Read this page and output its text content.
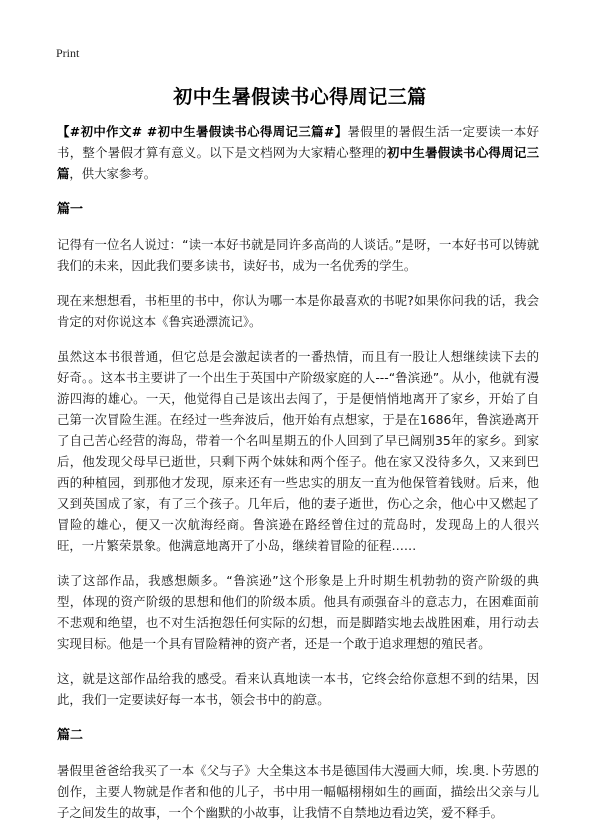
Print
初中生暑假读书心得周记三篇

【#初中作文# #初中生暑假读书心得周记三篇#】暑假里的暑假生活一定要读一本好书，整个暑假才算有意义。以下是文档网为大家精心整理的初中生暑假读书心得周记三篇，供大家参考。

篇一

记得有一位名人说过：“读一本好书就是同许多高尚的人谈话。”是呀，一本好书可以铸就我们的未来，因此我们要多读书，读好书，成为一名优秀的学生。

现在来想想看，书柜里的书中，你认为哪一本是你最喜欢的书呢?如果你问我的话，我会肯定的对你说这本《鲁宾逊漂流记》。

虽然这本书很普通，但它总是会激起读者的一番热情，而且有一股让人想继续读下去的好奇。。这本书主要讲了一个出生于英国中产阶级家庭的人---“鲁滨逊”。从小，他就有漫游四海的雄心。一天，他觉得自己是该出去闯了，于是便悄悄地离开了家乡，开始了自己第一次冒险生涯。在经过一些奔波后，他开始有点想家，于是在1686年，鲁滨逊离开了自己苦心经营的海岛，带着一个名叫星期五的仆人回到了早已阔别35年的家乡。到家后，他发现父母早已逝世，只剩下两个妹妹和两个侄子。他在家又没待多久，又来到巴西的种植园，到那他才发现，原来还有一些忠实的朋友一直为他保管着钱财。后来，他又到英国成了家，有了三个孩子。几年后，他的妻子逝世，伤心之余，他心中又燃起了冒险的雄心，便又一次航海经商。鲁滨逊在路经曾住过的荒岛时，发现岛上的人很兴旺，一片繁荣景象。他满意地离开了小岛，继续着冒险的征程……

读了这部作品，我感想颇多。“鲁滨逊”这个形象是上升时期生机勃勃的资产阶级的典型，体现的资产阶级的思想和他们的阶级本质。他具有顽强奋斗的意志力，在困难面前不悲观和绝望，也不对生活抱怨任何实际的幻想，而是脚踏实地去战胜困难，用行动去实现目标。他是一个具有冒险精神的资产者，还是一个敢于追求理想的殖民者。

这，就是这部作品给我的感受。看来认真地读一本书，它终会给你意想不到的结果，因此，我们一定要读好每一本书，领会书中的韵意。

篇二

暑假里爸爸给我买了一本《父与子》大全集这本书是德国伟大漫画大师，埃.奥.卜劳恩的创作，主要人物就是作者和他的儿子，书中用一幅幅栩栩如生的画面，描绘出父亲与儿子之间发生的故事，一个个幽默的小故事，让我情不自禁地边看边笑，爱不释手。
